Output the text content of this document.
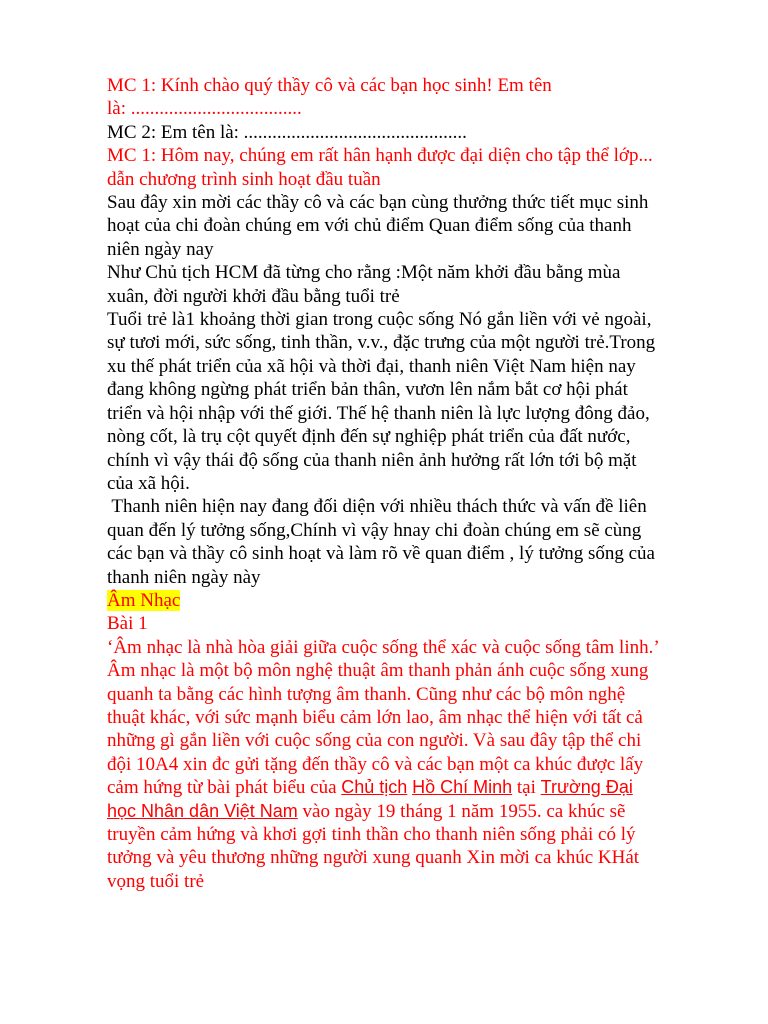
MC 1: Kính chào quý thầy cô và các bạn học sinh! Em tên
là: ....................................

MC 2: Em tên là: ...............................................

MC 1: Hôm nay, chúng em rất hân hạnh được đại diện cho tập thể lớp...
dẫn chương trình sinh hoạt đầu tuần

Sau đây xin mời các thầy cô và các bạn cùng thưởng thức tiết mục sinh
hoạt của chi đoàn chúng em với chủ điểm Quan điểm sống của thanh
niên ngày nay

Như Chủ tịch HCM đã từng cho rằng :Một năm khởi đầu bằng mùa
xuân, đời người khởi đầu bằng tuổi trẻ

Tuổi trẻ là1 khoảng thời gian trong cuộc sống Nó gắn liền với vẻ ngoài,
sự tươi mới, sức sống, tinh thần, v.v., đặc trưng của một người trẻ.Trong
xu thế phát triển của xã hội và thời đại, thanh niên Việt Nam hiện nay
đang không ngừng phát triển bản thân, vươn lên nắm bắt cơ hội phát
triển và hội nhập với thế giới. Thế hệ thanh niên là lực lượng đông đảo,
nòng cốt, là trụ cột quyết định đến sự nghiệp phát triển của đất nước,
chính vì vậy thái độ sống của thanh niên ảnh hưởng rất lớn tới bộ mặt
của xã hội.

Thanh niên hiện nay đang đối diện với nhiều thách thức và vấn đề liên
quan đến lý tưởng sống,Chính vì vậy hnay chi đoàn chúng em sẽ cùng
các bạn và thầy cô sinh hoạt và làm rõ về quan điểm , lý tưởng sống của
thanh niên ngày này

Âm Nhạc

Bài 1

‘Âm nhạc là nhà hòa giải giữa cuộc sống thể xác và cuộc sống tâm linh.’
Âm nhạc là một bộ môn nghệ thuật âm thanh phản ánh cuộc sống xung
quanh ta bằng các hình tượng âm thanh. Cũng như các bộ môn nghệ
thuật khác, với sức mạnh biểu cảm lớn lao, âm nhạc thể hiện với tất cả
những gì gắn liền với cuộc sống của con người. Và sau đây tập thể chi
đội 10A4 xin đc gửi tặng đến thầy cô và các bạn một ca khúc được lấy
cảm hứng từ bài phát biểu của Chủ tịch Hồ Chí Minh tại Trường Đại
học Nhân dân Việt Nam vào ngày 19 tháng 1 năm 1955. ca khúc sẽ
truyền cảm hứng và khơi gợi tinh thần cho thanh niên sống phải có lý
tưởng và yêu thương những người xung quanh Xin mời ca khúc KHát
vọng tuổi trẻ
